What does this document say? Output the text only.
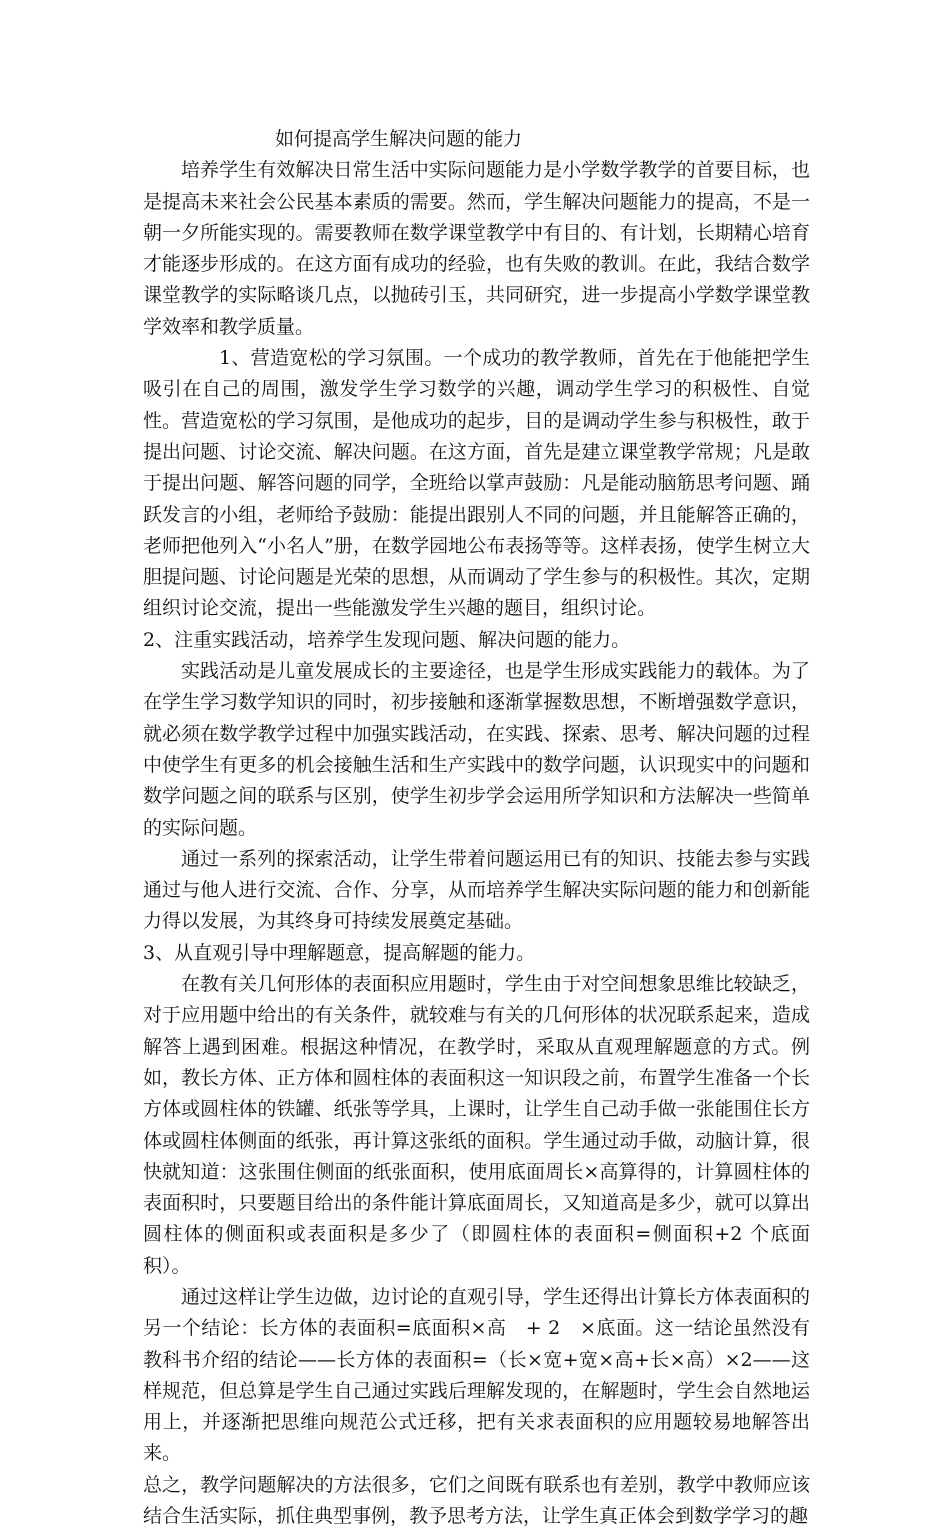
如何提高学生解决问题的能力

培养学生有效解决日常生活中实际问题能力是小学数学教学的首要目标，也是提高未来社会公民基本素质的需要。然而，学生解决问题能力的提高，不是一朝一夕所能实现的。需要教师在数学课堂教学中有目的、有计划，长期精心培育才能逐步形成的。在这方面有成功的经验，也有失败的教训。在此，我结合数学课堂教学的实际略谈几点，以抛砖引玉，共同研究，进一步提高小学数学课堂教学效率和教学质量。

1、营造宽松的学习氛围。一个成功的教学教师，首先在于他能把学生吸引在自己的周围，激发学生学习数学的兴趣，调动学生学习的积极性、自觉性。营造宽松的学习氛围，是他成功的起步，目的是调动学生参与积极性，敢于提出问题、讨论交流、解决问题。在这方面，首先是建立课堂教学常规；凡是敢于提出问题、解答问题的同学，全班给以掌声鼓励：凡是能动脑筋思考问题、踊跃发言的小组，老师给予鼓励：能提出跟别人不同的问题，并且能解答正确的，老师把他列入“小名人”册，在数学园地公布表扬等等。这样表扬，使学生树立大胆提问题、讨论问题是光荣的思想，从而调动了学生参与的积极性。其次，定期组织讨论交流，提出一些能激发学生兴趣的题目，组织讨论。

2、注重实践活动，培养学生发现问题、解决问题的能力。

实践活动是儿童发展成长的主要途径，也是学生形成实践能力的载体。为了在学生学习数学知识的同时，初步接触和逐渐掌握数思想，不断增强数学意识，就必须在数学教学过程中加强实践活动，在实践、探索、思考、解决问题的过程中使学生有更多的机会接触生活和生产实践中的数学问题，认识现实中的问题和数学问题之间的联系与区别，使学生初步学会运用所学知识和方法解决一些简单的实际问题。

通过一系列的探索活动，让学生带着问题运用已有的知识、技能去参与实践通过与他人进行交流、合作、分享，从而培养学生解决实际问题的能力和创新能力得以发展，为其终身可持续发展奠定基础。

3、从直观引导中理解题意，提高解题的能力。

在教有关几何形体的表面积应用题时，学生由于对空间想象思维比较缺乏，对于应用题中给出的有关条件，就较难与有关的几何形体的状况联系起来，造成解答上遇到困难。根据这种情况，在教学时，采取从直观理解题意的方式。例如，教长方体、正方体和圆柱体的表面积这一知识段之前，布置学生准备一个长方体或圆柱体的铁罐、纸张等学具，上课时，让学生自己动手做一张能围住长方体或圆柱体侧面的纸张，再计算这张纸的面积。学生通过动手做，动脑计算，很快就知道：这张围住侧面的纸张面积，使用底面周长×高算得的，计算圆柱体的表面积时，只要题目给出的条件能计算底面周长，又知道高是多少，就可以算出圆柱体的侧面积或表面积是多少了（即圆柱体的表面积=侧面积+2 个底面积）。

通过这样让学生边做，边讨论的直观引导，学生还得出计算长方体表面积的另一个结论：长方体的表面积=底面积×高　+ 2　×底面。这一结论虽然没有教科书介绍的结论——长方体的表面积=（长×宽+宽×高+长×高）×2——这样规范，但总算是学生自己通过实践后理解发现的，在解题时，学生会自然地运用上，并逐渐把思维向规范公式迁移，把有关求表面积的应用题较易地解答出来。

总之，教学问题解决的方法很多，它们之间既有联系也有差别，教学中教师应该结合生活实际，抓住典型事例，教予思考方法，让学生真正体会到数学学习的趣
